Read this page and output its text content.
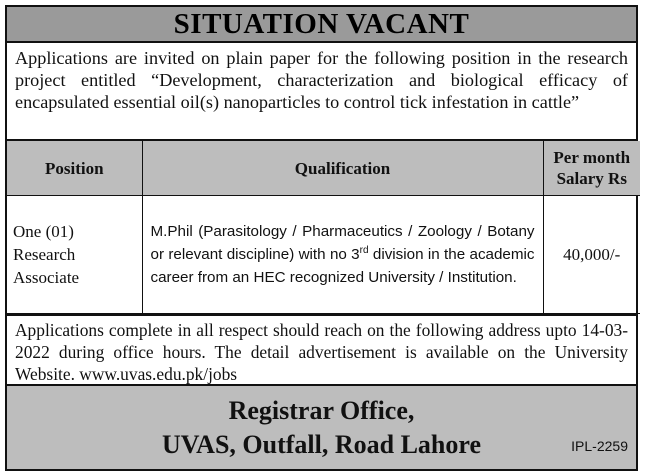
SITUATION VACANT

Applications are invited on plain paper for the following position in the research project entitled “Development, characterization and biological efficacy of encapsulated essential oil(s) nanoparticles to control tick infestation in cattle”

Position	Qualification	Per month
Salary Rs
One (01) Research Associate	M.Phil (Parasitology / Pharmaceutics / Zoology / Botany or relevant discipline) with no 3rd division in the academic career from an HEC recognized University / Institution.	40,000/-

Applications complete in all respect should reach on the following address upto 14-03-2022 during office hours. The detail advertisement is available on the University Website. www.uvas.edu.pk/jobs

Registrar Office,
UVAS, Outfall, Road Lahore	IPL-2259
